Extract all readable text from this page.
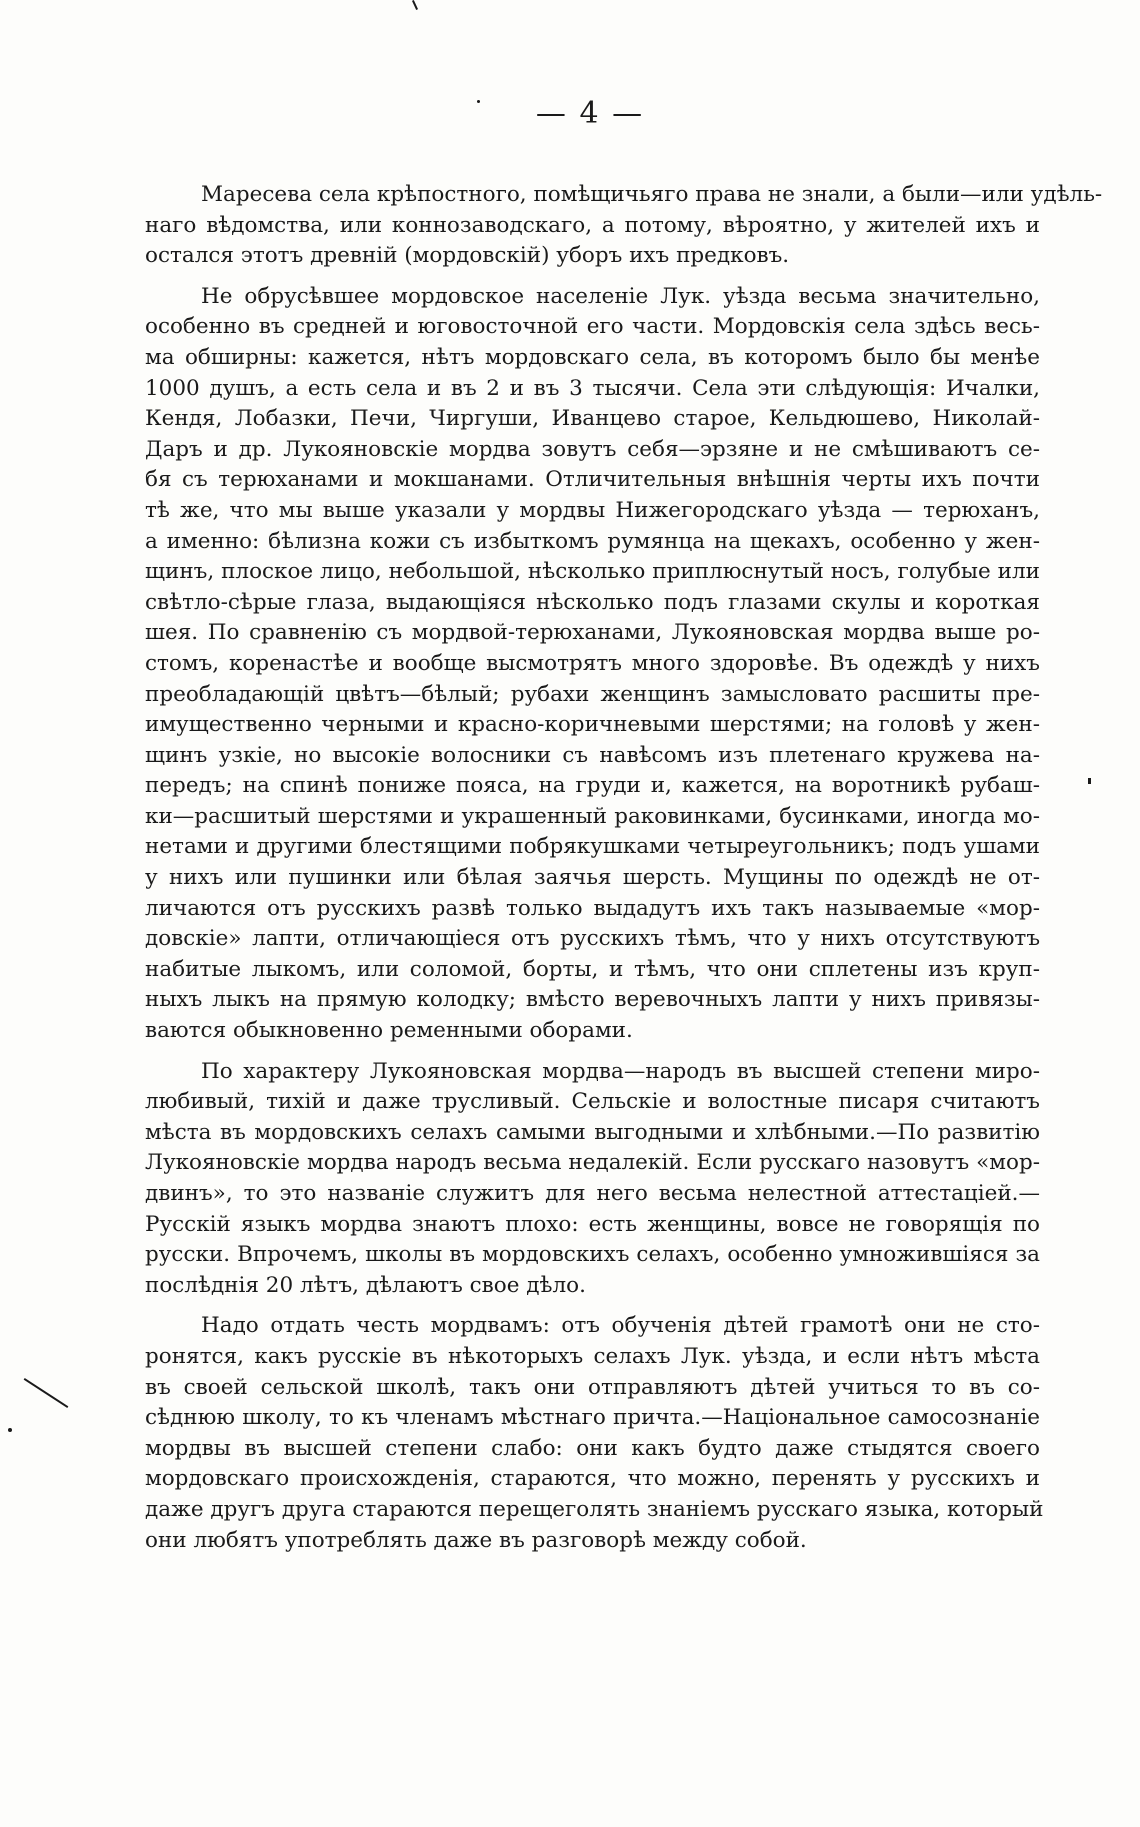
— 4 —
Маресева села крѣпостного, помѣщичьяго права не знали, а были—или удѣль-
наго вѣдомства, или коннозаводскаго, а потому, вѣроятно, у жителей ихъ и
остался этотъ древній (мордовскій) уборъ ихъ предковъ.
Не обрусѣвшее мордовское населеніе Лук. уѣзда весьма значительно,
особенно въ средней и юговосточной его части. Мордовскія села здѣсь весь-
ма обширны: кажется, нѣтъ мордовскаго села, въ которомъ было бы менѣе
1000 душъ, а есть села и въ 2 и въ 3 тысячи. Села эти слѣдующія: Ичалки,
Кендя, Лобазки, Печи, Чиргуши, Иванцево старое, Кельдюшево, Николай-
Даръ и др. Лукояновскіе мордва зовутъ себя—эрзяне и не смѣшиваютъ се-
бя съ терюханами и мокшанами. Отличительныя внѣшнія черты ихъ почти
тѣ же, что мы выше указали у мордвы Нижегородскаго уѣзда — терюханъ,
а именно: бѣлизна кожи съ избыткомъ румянца на щекахъ, особенно у жен-
щинъ, плоское лицо, небольшой, нѣсколько приплюснутый носъ, голубые или
свѣтло-сѣрые глаза, выдающіяся нѣсколько подъ глазами скулы и короткая
шея. По сравненію съ мордвой-терюханами, Лукояновская мордва выше ро-
стомъ, коренастѣе и вообще высмотрятъ много здоровѣе. Въ одеждѣ у нихъ
преобладающій цвѣтъ—бѣлый; рубахи женщинъ замысловато расшиты пре-
имущественно черными и красно-коричневыми шерстями; на головѣ у жен-
щинъ узкіе, но высокіе волосники съ навѣсомъ изъ плетенаго кружева на-
передъ; на спинѣ пониже пояса, на груди и, кажется, на воротникѣ рубаш-
ки—расшитый шерстями и украшенный раковинками, бусинками, иногда мо-
нетами и другими блестящими побрякушками четыреугольникъ; подъ ушами
у нихъ или пушинки или бѣлая заячья шерсть. Мущины по одеждѣ не от-
личаются отъ русскихъ развѣ только выдадутъ ихъ такъ называемые «мор-
довскіе» лапти, отличающіеся отъ русскихъ тѣмъ, что у нихъ отсутствуютъ
набитые лыкомъ, или соломой, борты, и тѣмъ, что они сплетены изъ круп-
ныхъ лыкъ на прямую колодку; вмѣсто веревочныхъ лапти у нихъ привязы-
ваются обыкновенно ременными оборами.
По характеру Лукояновская мордва—народъ въ высшей степени миро-
любивый, тихій и даже трусливый. Сельскіе и волостные писаря считаютъ
мѣста въ мордовскихъ селахъ самыми выгодными и хлѣбными.—По развитію
Лукояновскіе мордва народъ весьма недалекій. Если русскаго назовутъ «мор-
двинъ», то это названіе служитъ для него весьма нелестной аттестаціей.—
Русскій языкъ мордва знаютъ плохо: есть женщины, вовсе не говорящія по
русски. Впрочемъ, школы въ мордовскихъ селахъ, особенно умножившіяся за
послѣднія 20 лѣтъ, дѣлаютъ свое дѣло.
Надо отдать честь мордвамъ: отъ обученія дѣтей грамотѣ они не сто-
ронятся, какъ русскіе въ нѣкоторыхъ селахъ Лук. уѣзда, и если нѣтъ мѣста
въ своей сельской школѣ, такъ они отправляютъ дѣтей учиться то въ со-
сѣднюю школу, то къ членамъ мѣстнаго причта.—Національное самосознаніе
мордвы въ высшей степени слабо: они какъ будто даже стыдятся своего
мордовскаго происхожденія, стараются, что можно, перенять у русскихъ и
даже другъ друга стараются перещеголять знаніемъ русскаго языка, который
они любятъ употреблять даже въ разговорѣ между собой.
